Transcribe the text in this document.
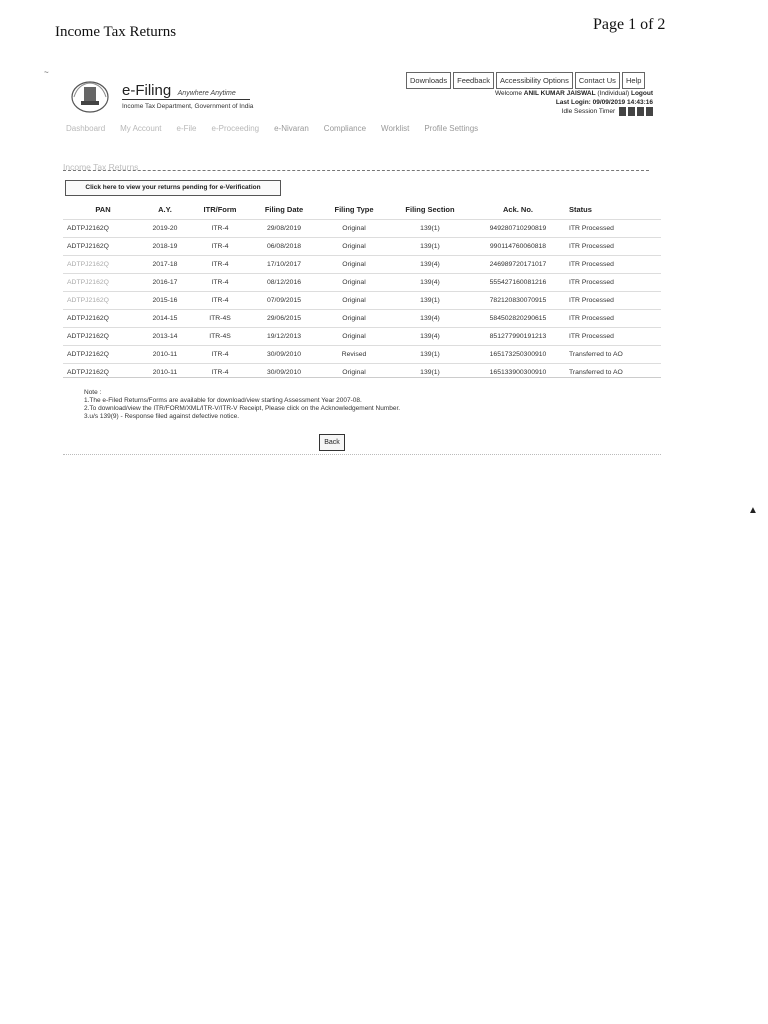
Income Tax Returns	Page 1 of 2
~
▲
e-Filing Anywhere Anytime
Income Tax Department, Government of India
Downloads	Feedback	Accessibility Options	Contact Us	Help
Welcome ANIL KUMAR JAISWAL (Individual) Logout
Last Login: 09/09/2019 14:43:16
Idle Session Timer
Dashboard My Account e-File e-Proceeding e-Nivaran Compliance Worklist Profile Settings
Income Tax Returns
Click here to view your returns pending for e-Verification
PAN	A.Y.	ITR/Form	Filing Date	Filing Type	Filing Section	Ack. No.	Status
ADTPJ2162Q	2019-20	ITR-4	29/08/2019	Original	139(1)	949280710290819	ITR Processed
ADTPJ2162Q	2018-19	ITR-4	06/08/2018	Original	139(1)	990114760060818	ITR Processed
ADTPJ2162Q	2017-18	ITR-4	17/10/2017	Original	139(4)	246989720171017	ITR Processed
ADTPJ2162Q	2016-17	ITR-4	08/12/2016	Original	139(4)	555427160081216	ITR Processed
ADTPJ2162Q	2015-16	ITR-4	07/09/2015	Original	139(1)	782120830070915	ITR Processed
ADTPJ2162Q	2014-15	ITR-4S	29/06/2015	Original	139(4)	584502820290615	ITR Processed
ADTPJ2162Q	2013-14	ITR-4S	19/12/2013	Original	139(4)	851277990191213	ITR Processed
ADTPJ2162Q	2010-11	ITR-4	30/09/2010	Revised	139(1)	165173250300910	Transferred to AO
ADTPJ2162Q	2010-11	ITR-4	30/09/2010	Original	139(1)	165133900300910	Transferred to AO
Note :
1.The e-Filed Returns/Forms are available for download/view starting Assessment Year 2007-08.
2.To download/view the ITR/FORM/XML/ITR-V/ITR-V Receipt, Please click on the Acknowledgement Number.
3.u/s 139(9) - Response filed against defective notice.
Back
